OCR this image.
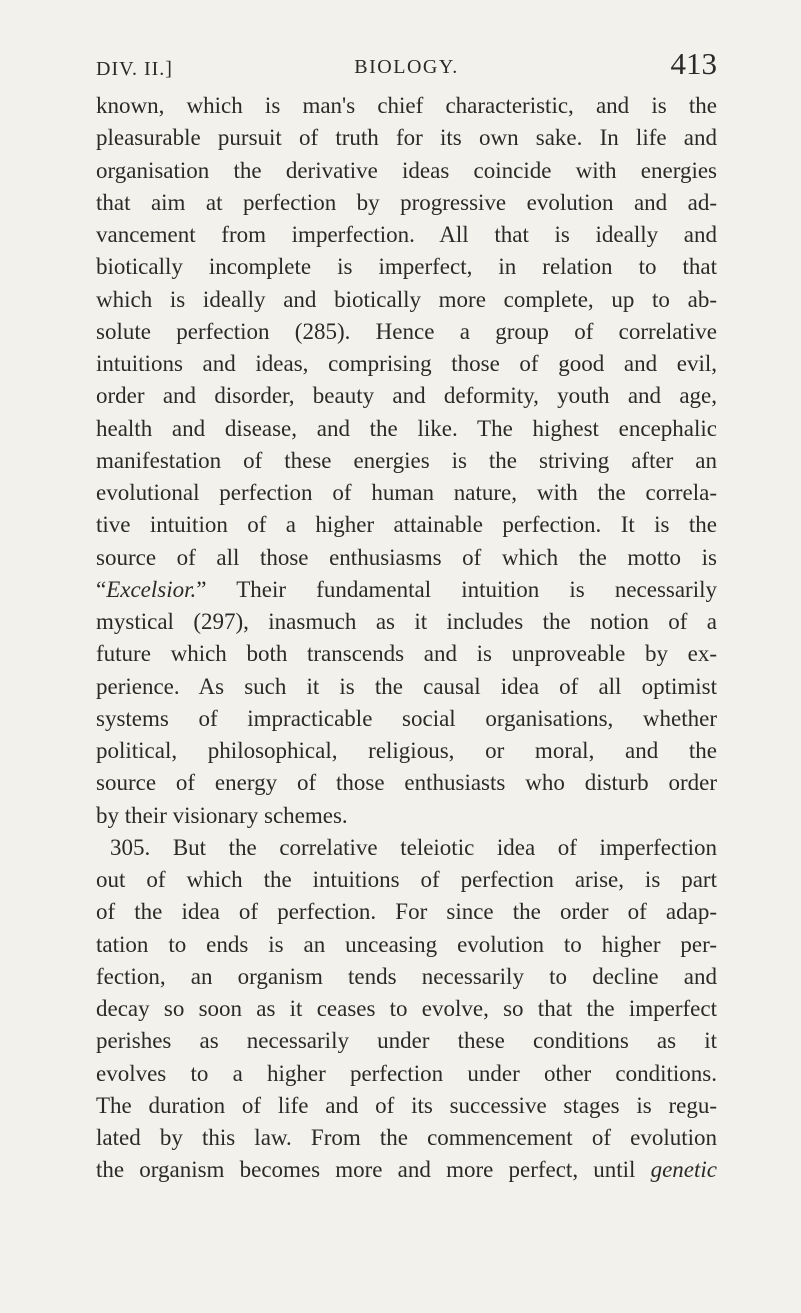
DIV. II.]	BIOLOGY.	413
known, which is man's chief characteristic, and is the
pleasurable pursuit of truth for its own sake. In life and
organisation the derivative ideas coincide with energies
that aim at perfection by progressive evolution and ad-
vancement from imperfection. All that is ideally and
biotically incomplete is imperfect, in relation to that
which is ideally and biotically more complete, up to ab-
solute perfection (285). Hence a group of correlative
intuitions and ideas, comprising those of good and evil,
order and disorder, beauty and deformity, youth and age,
health and disease, and the like. The highest encephalic
manifestation of these energies is the striving after an
evolutional perfection of human nature, with the correla-
tive intuition of a higher attainable perfection. It is the
source of all those enthusiasms of which the motto is
“Excelsior.” Their fundamental intuition is necessarily
mystical (297), inasmuch as it includes the notion of a
future which both transcends and is unproveable by ex-
perience. As such it is the causal idea of all optimist
systems of impracticable social organisations, whether
political, philosophical, religious, or moral, and the
source of energy of those enthusiasts who disturb order
by their visionary schemes.
305. But the correlative teleiotic idea of imperfection
out of which the intuitions of perfection arise, is part
of the idea of perfection. For since the order of adap-
tation to ends is an unceasing evolution to higher per-
fection, an organism tends necessarily to decline and
decay so soon as it ceases to evolve, so that the imperfect
perishes as necessarily under these conditions as it
evolves to a higher perfection under other conditions.
The duration of life and of its successive stages is regu-
lated by this law. From the commencement of evolution
the organism becomes more and more perfect, until genetic
